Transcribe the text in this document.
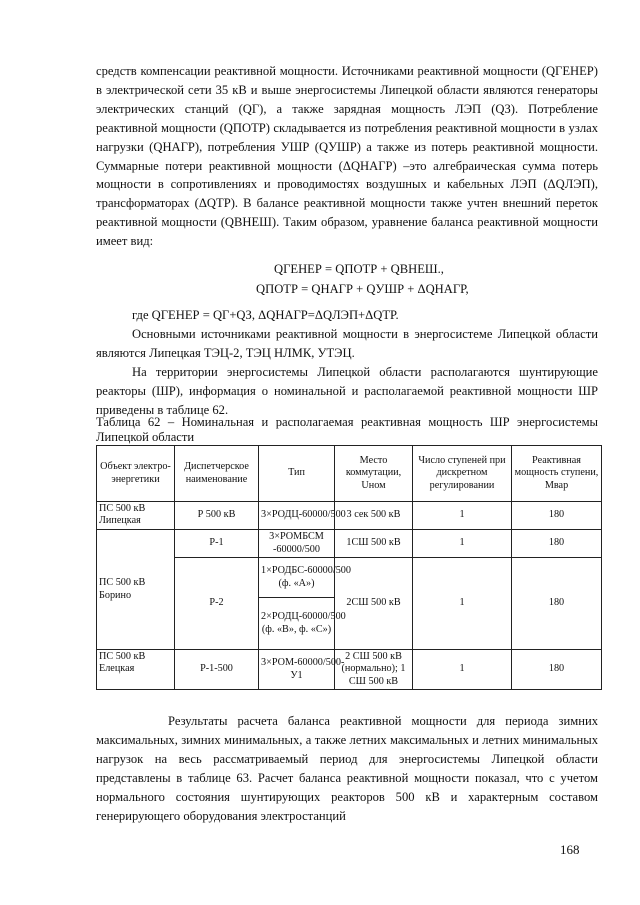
средств компенсации реактивной мощности. Источниками реактивной мощности (QГЕНЕР) в электрической сети 35 кВ и выше энергосистемы Липецкой области являются генераторы электрических станций (QГ), а также зарядная мощность ЛЭП (QЗ). Потребление реактивной мощности (QПОТР) складывается из потребления реактивной мощности в узлах нагрузки (QНАГР), потребления УШР (QУШР) а также из потерь реактивной мощности. Суммарные потери реактивной мощности (ΔQНАГР) –это алгебраическая сумма потерь мощности в сопротивлениях и проводимостях воздушных и кабельных ЛЭП (ΔQЛЭП), трансформаторах (ΔQТР). В балансе реактивной мощности также учтен внешний переток реактивной мощности (QВНЕШ). Таким образом, уравнение баланса реактивной мощности имеет вид:

QГЕНЕР = QПОТР + QВНЕШ.,
QПОТР = QНАГР + QУШР + ΔQНАГР,
где QГЕНЕР = QГ+QЗ, ΔQНАГР=ΔQЛЭП+ΔQТР.

Основными источниками реактивной мощности в энергосистеме Липецкой области являются Липецкая ТЭЦ-2, ТЭЦ НЛМК, УТЭЦ.

На территории энергосистемы Липецкой области располагаются шунтирующие реакторы (ШР), информация о номинальной и располагаемой реактивной мощности ШР приведены в таблице 62.

Таблица 62 – Номинальная и располагаемая реактивная мощность ШР энергосистемы Липецкой области

Объект электро-энергетики	Диспетчерское наименование	Тип	Место коммутации, Uном	Число ступеней при дискретном регулировании	Реактивная мощность ступени, Мвар
ПС 500 кВ Липецкая	Р 500 кВ	3×РОДЦ-60000/500	3 сек 500 кВ	1	180
ПС 500 кВ Борино	Р-1	3×РОМБСМ -60000/500	1СШ 500 кВ	1	180
	Р-2	1×РОДБС-60000/500 (ф. «А»)	2СШ 500 кВ	1	180
		2×РОДЦ-60000/500 (ф. «В», ф. «С»)			
ПС 500 кВ Елецкая	Р-1-500	3×РОМ-60000/500-У1	2 СШ 500 кВ (нормально); 1 СШ 500 кВ	1	180

Результаты расчета баланса реактивной мощности для периода зимних максимальных, зимних минимальных, а также летних максимальных и летних минимальных нагрузок на весь рассматриваемый период для энергосистемы Липецкой области представлены в таблице 63. Расчет баланса реактивной мощности показал, что с учетом нормального состояния шунтирующих реакторов 500 кВ и характерным составом генерирующего оборудования электростанций

168
